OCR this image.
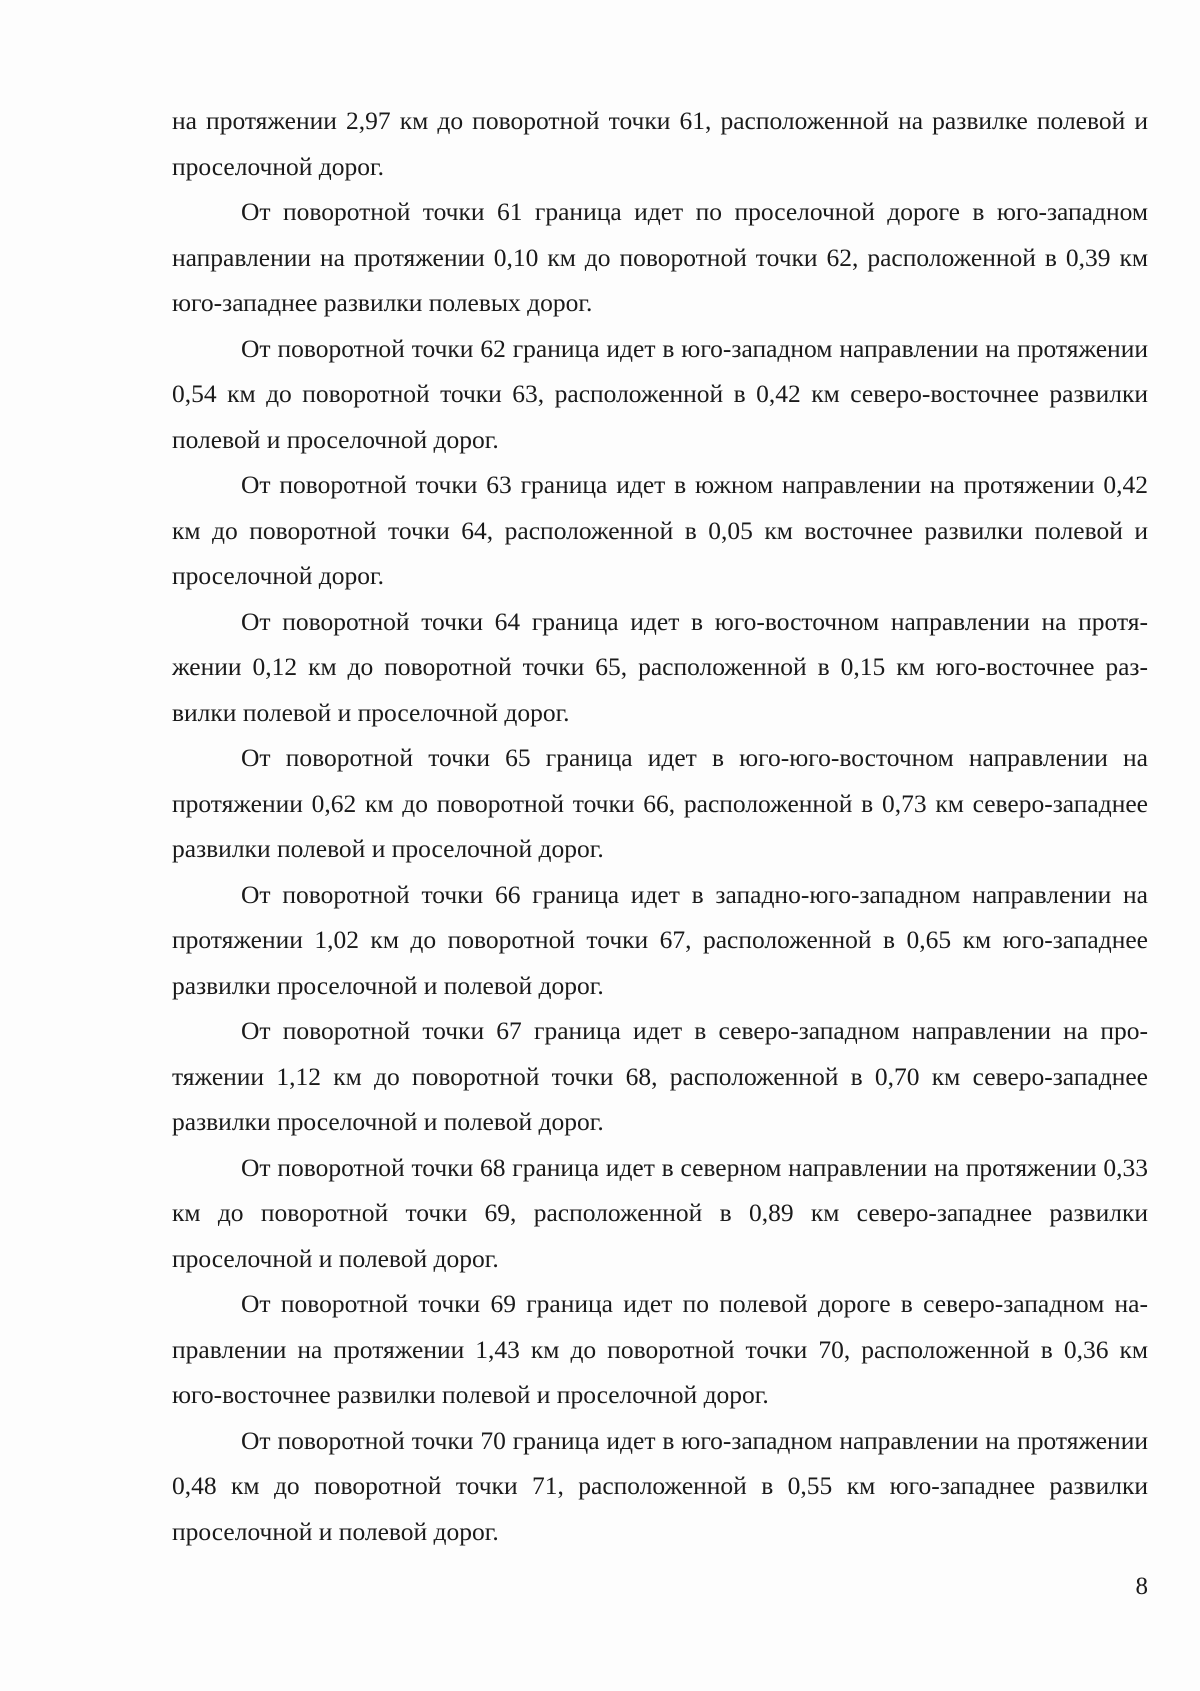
на протяжении 2,97 км до поворотной точки 61, расположенной на развилке полевой и проселочной дорог.

От поворотной точки 61 граница идет по проселочной дороге в юго-западном направлении на протяжении 0,10 км до поворотной точки 62, расположенной в 0,39 км юго-западнее развилки полевых дорог.

От поворотной точки 62 граница идет в юго-западном направлении на протяжении 0,54 км до поворотной точки 63, расположенной в 0,42 км северо-восточнее развилки полевой и проселочной дорог.

От поворотной точки 63 граница идет в южном направлении на протяжении 0,42 км до поворотной точки 64, расположенной в 0,05 км восточнее развилки полевой и проселочной дорог.

От поворотной точки 64 граница идет в юго-восточном направлении на протяжении 0,12 км до поворотной точки 65, расположенной в 0,15 км юго-восточнее развилки полевой и проселочной дорог.

От поворотной точки 65 граница идет в юго-юго-восточном направлении на протяжении 0,62 км до поворотной точки 66, расположенной в 0,73 км северо-западнее развилки полевой и проселочной дорог.

От поворотной точки 66 граница идет в западно-юго-западном направлении на протяжении 1,02 км до поворотной точки 67, расположенной в 0,65 км юго-западнее развилки проселочной и полевой дорог.

От поворотной точки 67 граница идет в северо-западном направлении на протяжении 1,12 км до поворотной точки 68, расположенной в 0,70 км северо-западнее развилки проселочной и полевой дорог.

От поворотной точки 68 граница идет в северном направлении на протяжении 0,33 км до поворотной точки 69, расположенной в 0,89 км северо-западнее развилки проселочной и полевой дорог.

От поворотной точки 69 граница идет по полевой дороге в северо-западном направлении на протяжении 1,43 км до поворотной точки 70, расположенной в 0,36 км юго-восточнее развилки полевой и проселочной дорог.

От поворотной точки 70 граница идет в юго-западном направлении на протяжении 0,48 км до поворотной точки 71, расположенной в 0,55 км юго-западнее развилки проселочной и полевой дорог.

8
